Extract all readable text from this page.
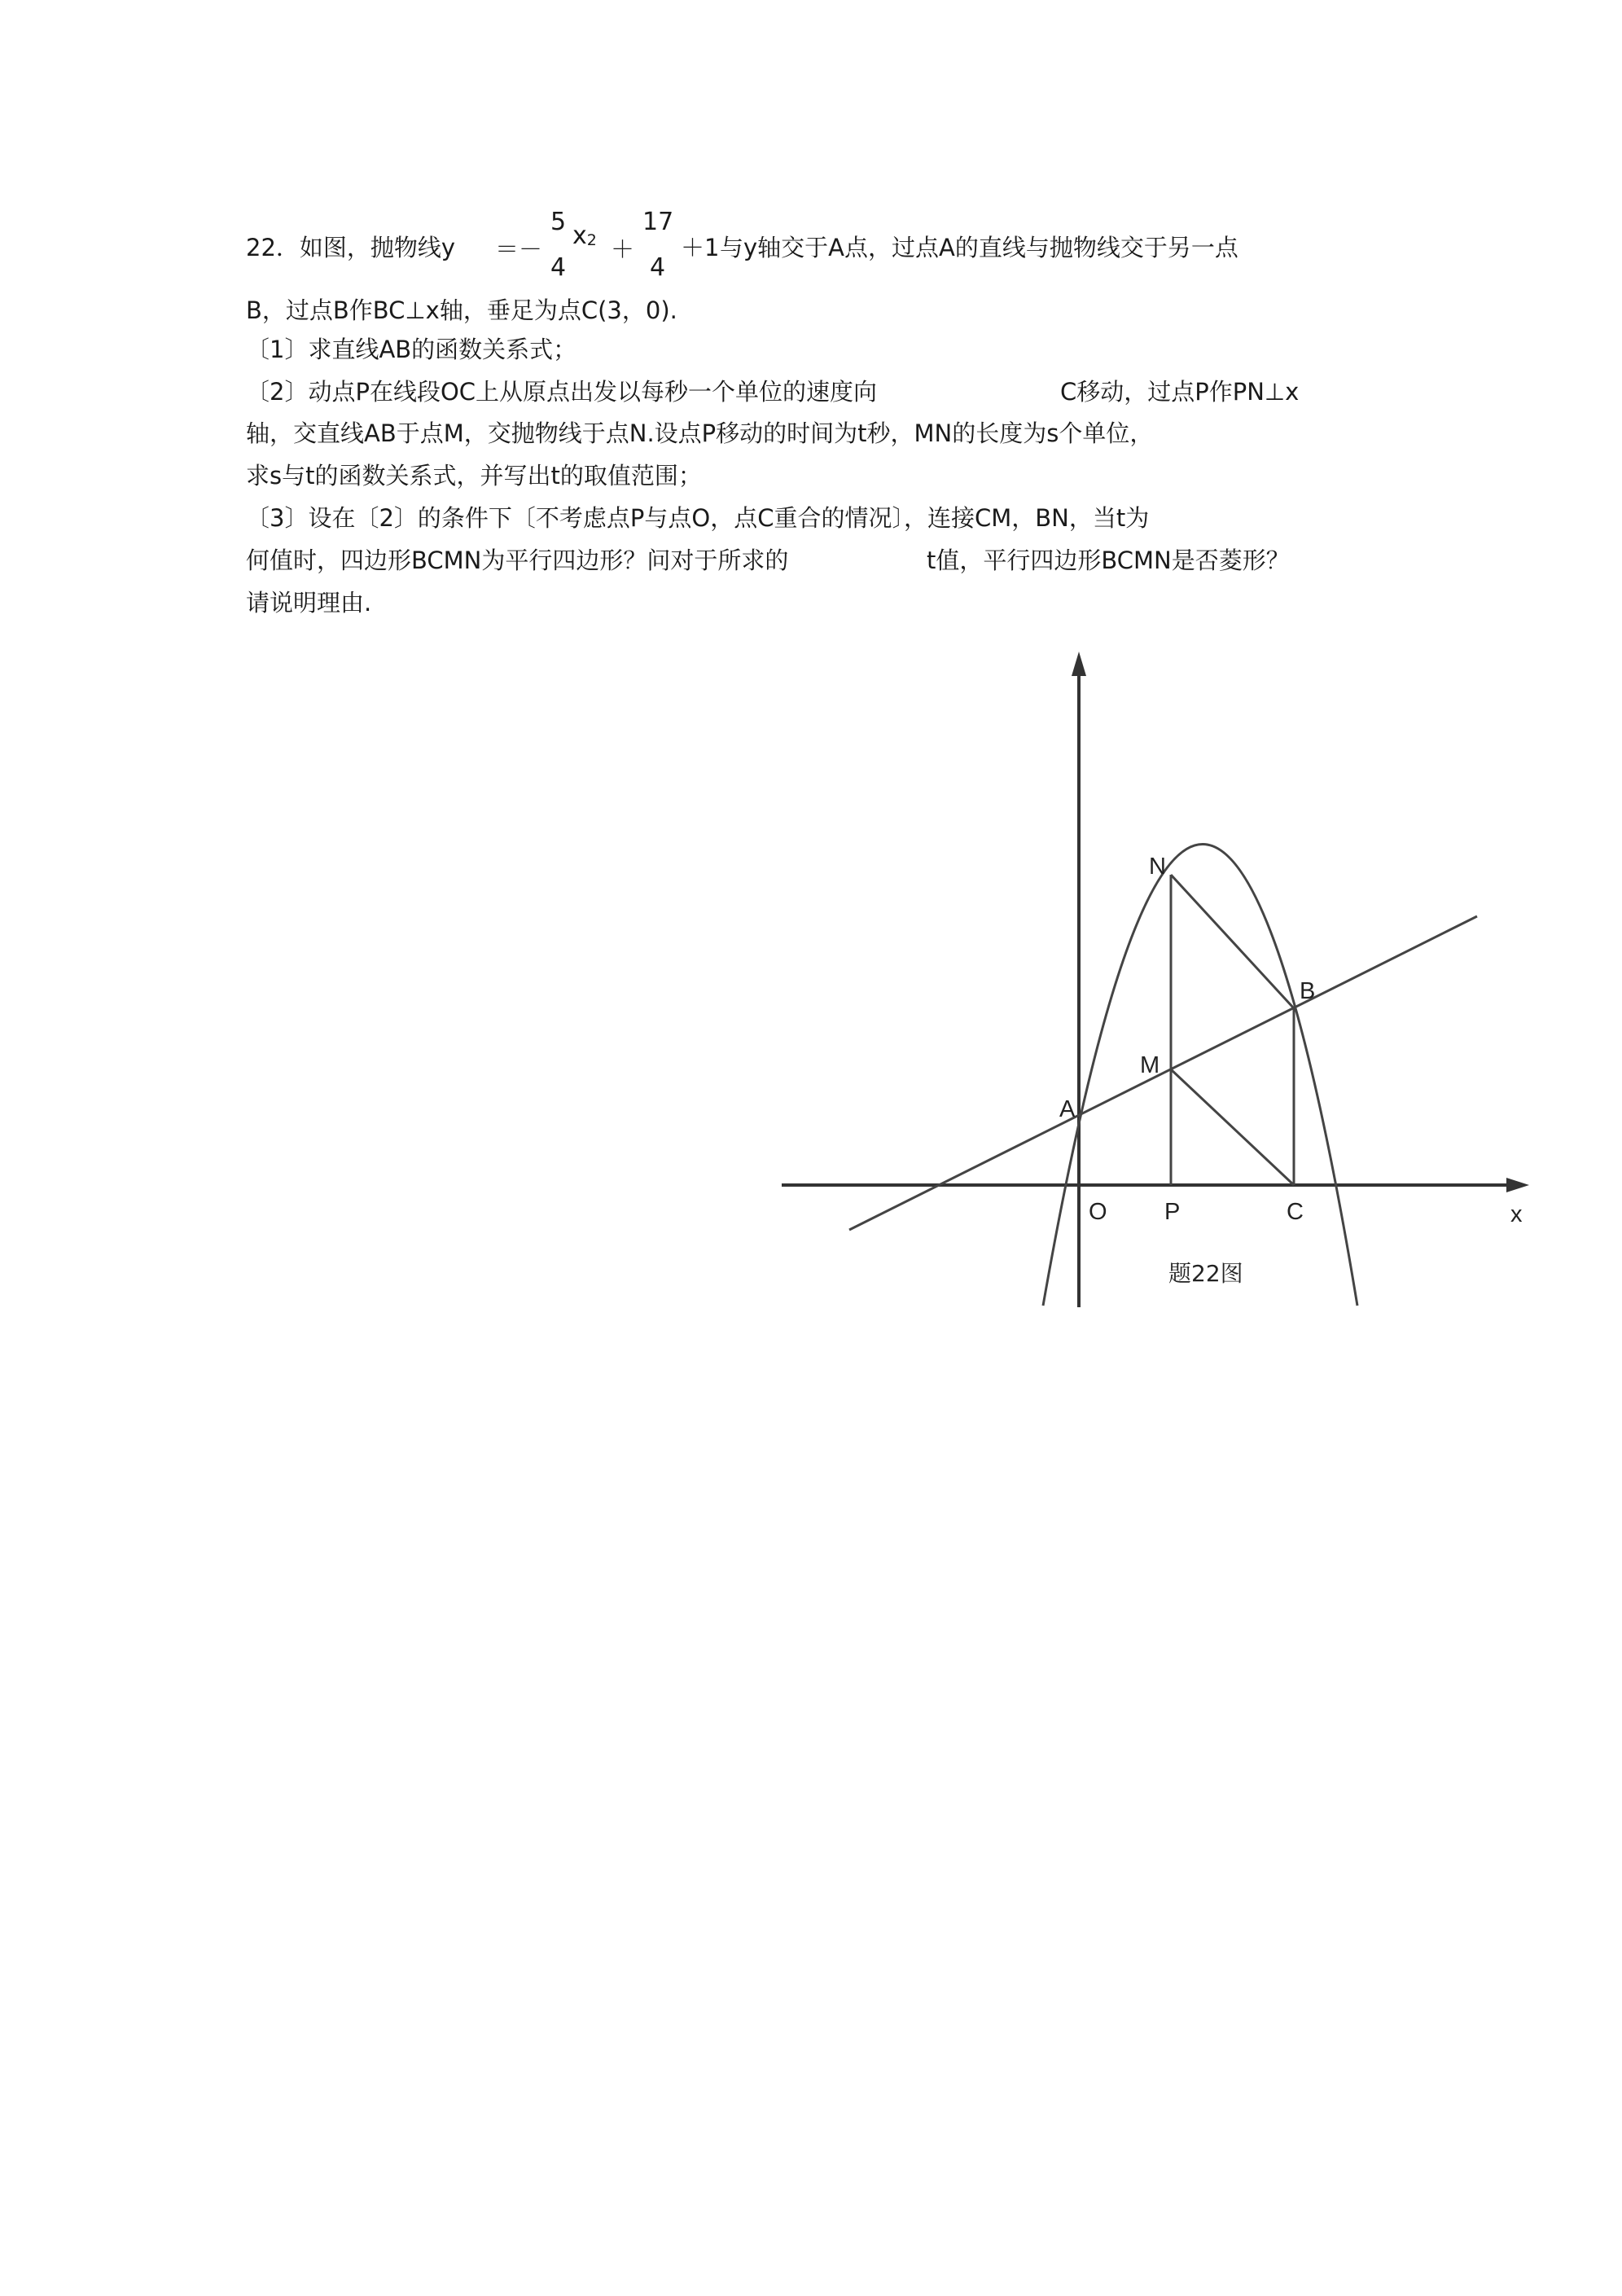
22．如图，抛物线y ＝－
5
4
x2 ＋
17
4
＋1 与y轴交于A点，过点A的直线与抛物线交于另一点
B，过点B作BC⊥x轴，垂足为点C(3，0).
〔1〕求直线AB的函数关系式；
〔2〕动点P在线段OC上从原点出发以每秒一个单位的速度向	C移动，过点P作PN⊥x
轴，交直线AB于点M，交抛物线于点N.设点P移动的时间为t秒，MN的长度为s个单位，
求s与t的函数关系式，并写出t的取值范围；
〔3〕设在〔2〕的条件下〔不考虑点P与点O，点C重合的情况〕，连接CM，BN，当t为
何值时，四边形BCMN为平行四边形？问对于所求的	t值，平行四边形BCMN是否菱形？
请说明理由.
N
B
M
A
O P	C	x
题22图
